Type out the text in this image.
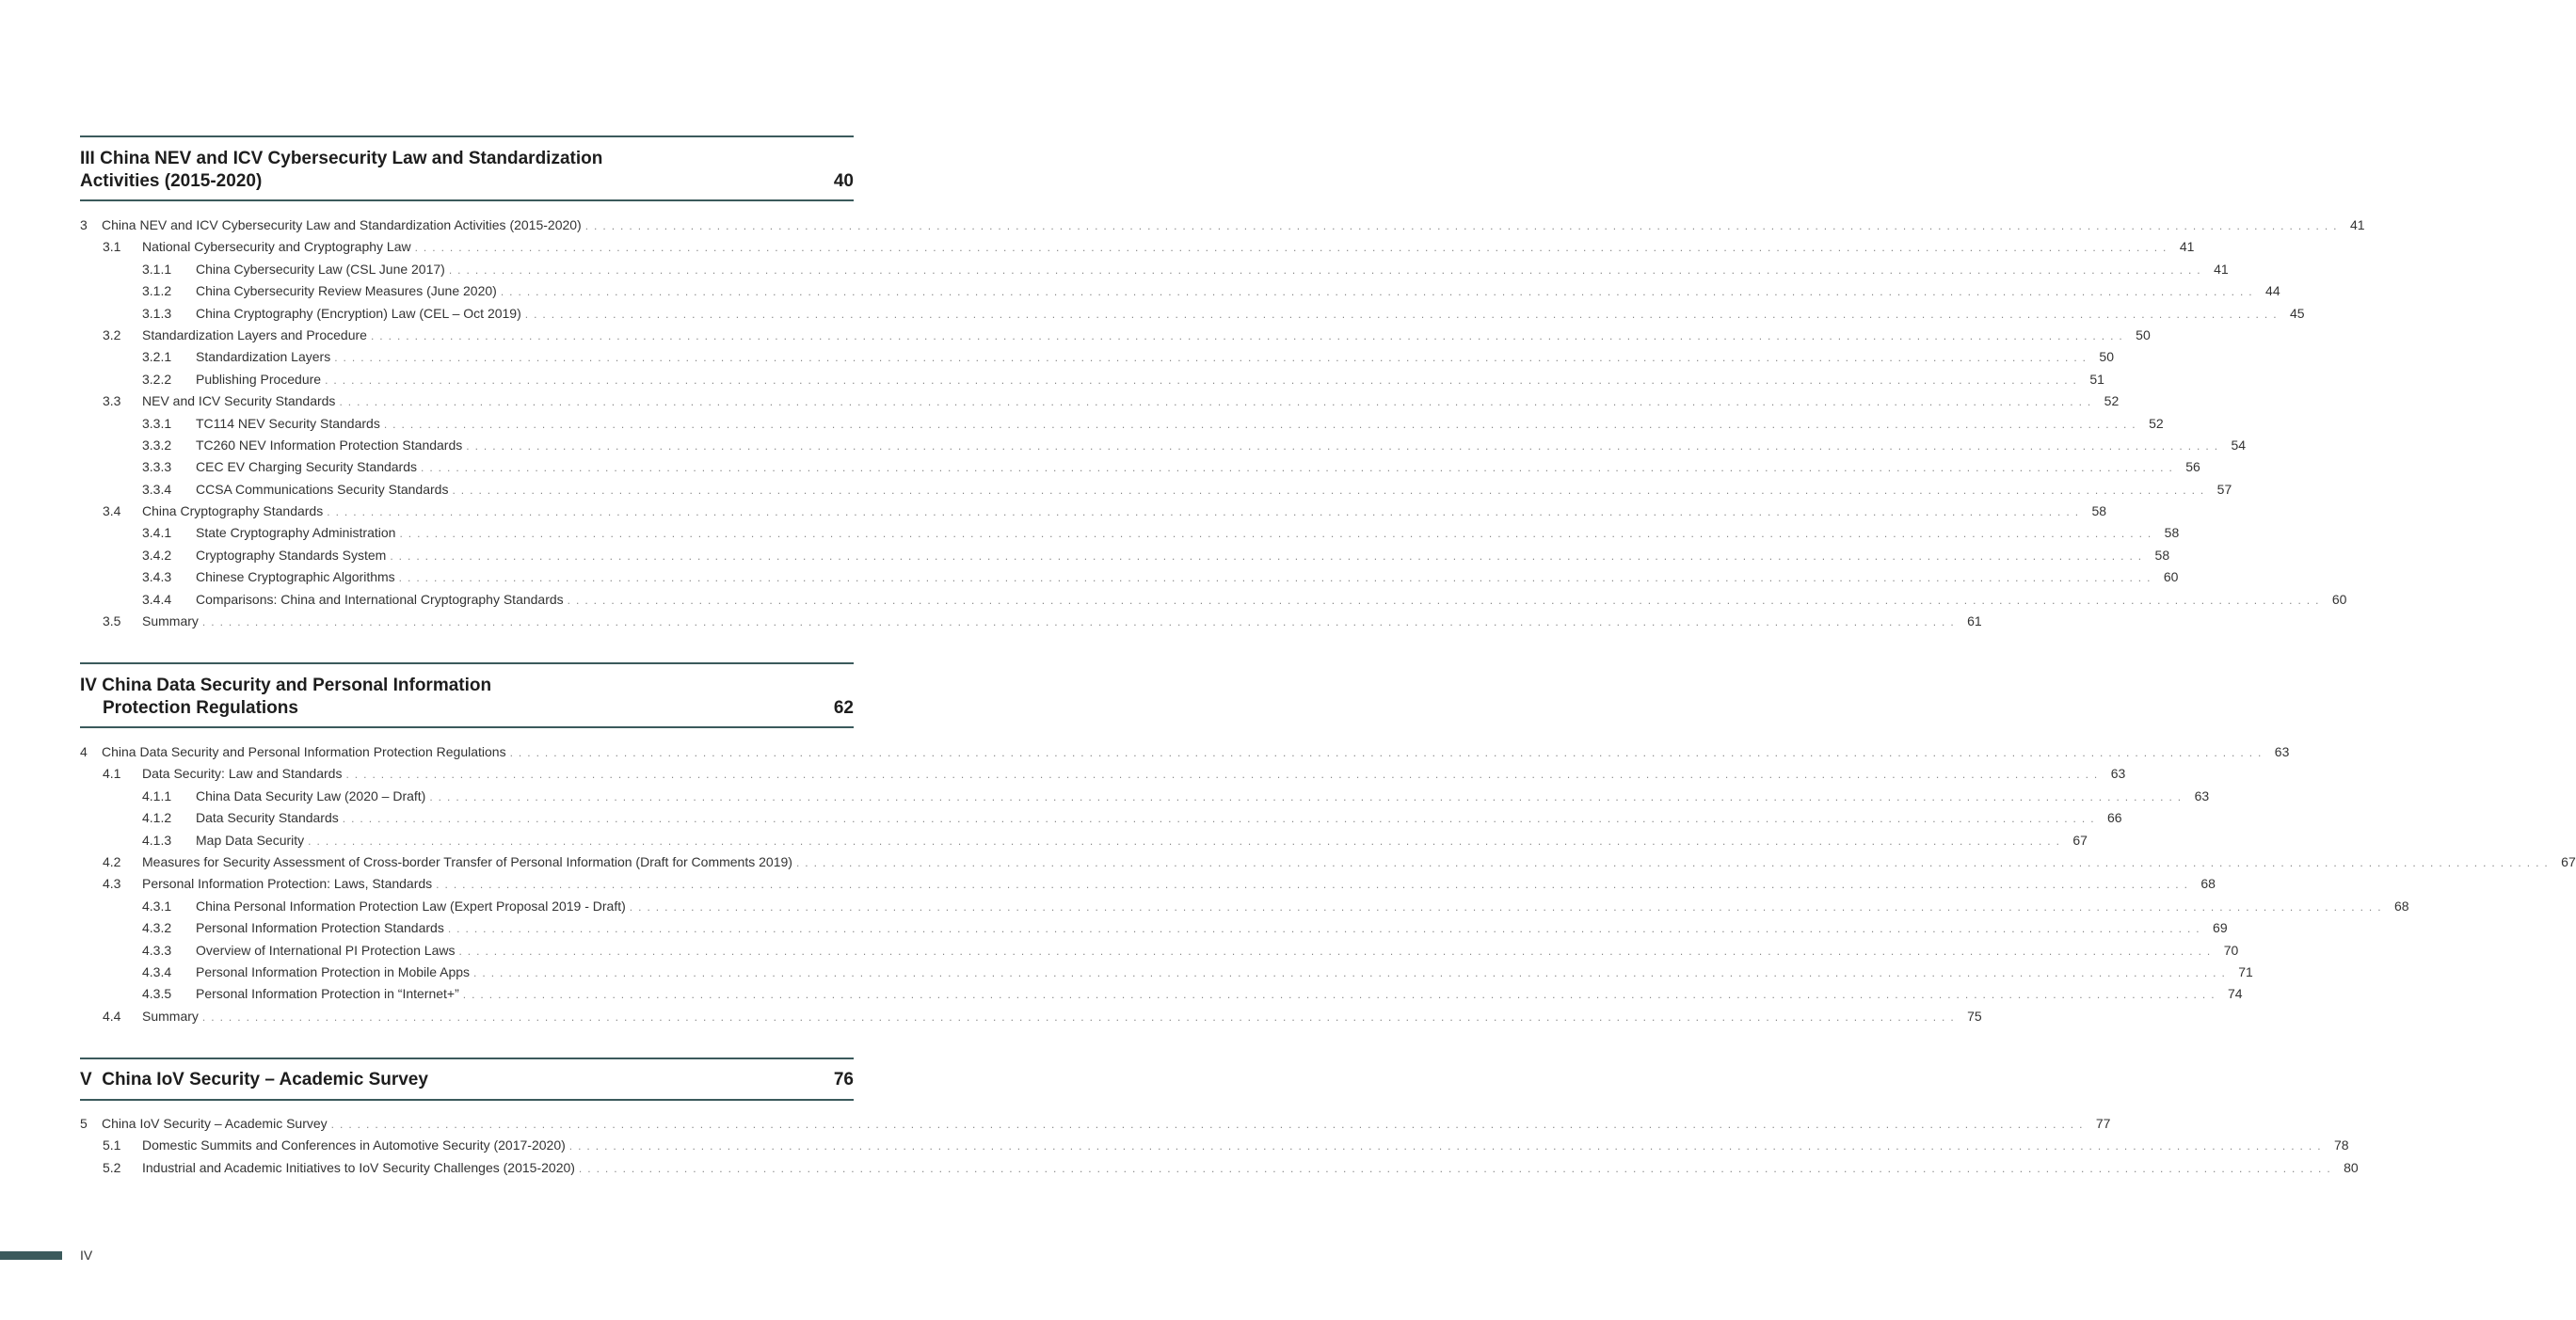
III China NEV and ICV Cybersecurity Law and Standardization
Activities (2015-2020)	40
3	China NEV and ICV Cybersecurity Law and Standardization Activities (2015-2020) ........................................................................................................................................................................................................ 41
3.1	National Cybersecurity and Cryptography Law ........................................................................................................................................................................................................ 41
3.1.1	China Cybersecurity Law (CSL June 2017) ........................................................................................................................................................................................................ 41
3.1.2	China Cybersecurity Review Measures (June 2020) ........................................................................................................................................................................................................ 44
3.1.3	China Cryptography (Encryption) Law (CEL – Oct 2019) ........................................................................................................................................................................................................ 45
3.2	Standardization Layers and Procedure ........................................................................................................................................................................................................ 50
3.2.1	Standardization Layers ........................................................................................................................................................................................................ 50
3.2.2	Publishing Procedure ........................................................................................................................................................................................................ 51
3.3	NEV and ICV Security Standards ........................................................................................................................................................................................................ 52
3.3.1	TC114 NEV Security Standards ........................................................................................................................................................................................................ 52
3.3.2	TC260 NEV Information Protection Standards ........................................................................................................................................................................................................ 54
3.3.3	CEC EV Charging Security Standards ........................................................................................................................................................................................................ 56
3.3.4	CCSA Communications Security Standards ........................................................................................................................................................................................................ 57
3.4	China Cryptography Standards ........................................................................................................................................................................................................ 58
3.4.1	State Cryptography Administration ........................................................................................................................................................................................................ 58
3.4.2	Cryptography Standards System ........................................................................................................................................................................................................ 58
3.4.3	Chinese Cryptographic Algorithms ........................................................................................................................................................................................................ 60
3.4.4	Comparisons: China and International Cryptography Standards ........................................................................................................................................................................................................ 60
3.5	Summary ........................................................................................................................................................................................................ 61
IV China Data Security and Personal Information
Protection Regulations	62
4	China Data Security and Personal Information Protection Regulations ........................................................................................................................................................................................................ 63
4.1	Data Security: Law and Standards ........................................................................................................................................................................................................ 63
4.1.1	China Data Security Law (2020 – Draft) ........................................................................................................................................................................................................ 63
4.1.2	Data Security Standards ........................................................................................................................................................................................................ 66
4.1.3	Map Data Security ........................................................................................................................................................................................................ 67
4.2	Measures for Security Assessment of Cross-border Transfer of Personal Information (Draft for Comments 2019) ........................................................................................................................................................................................................ 67
4.3	Personal Information Protection: Laws, Standards ........................................................................................................................................................................................................ 68
4.3.1	China Personal Information Protection Law (Expert Proposal 2019 - Draft) ........................................................................................................................................................................................................ 68
4.3.2	Personal Information Protection Standards ........................................................................................................................................................................................................ 69
4.3.3	Overview of International PI Protection Laws ........................................................................................................................................................................................................ 70
4.3.4	Personal Information Protection in Mobile Apps ........................................................................................................................................................................................................ 71
4.3.5	Personal Information Protection in “Internet+” ........................................................................................................................................................................................................ 74
4.4	Summary ........................................................................................................................................................................................................ 75
V  China IoV Security – Academic Survey	76
5	China IoV Security – Academic Survey ........................................................................................................................................................................................................ 77
5.1	Domestic Summits and Conferences in Automotive Security (2017-2020) ........................................................................................................................................................................................................ 78
5.2	Industrial and Academic Initiatives to IoV Security Challenges (2015-2020) ........................................................................................................................................................................................................ 80
IV
